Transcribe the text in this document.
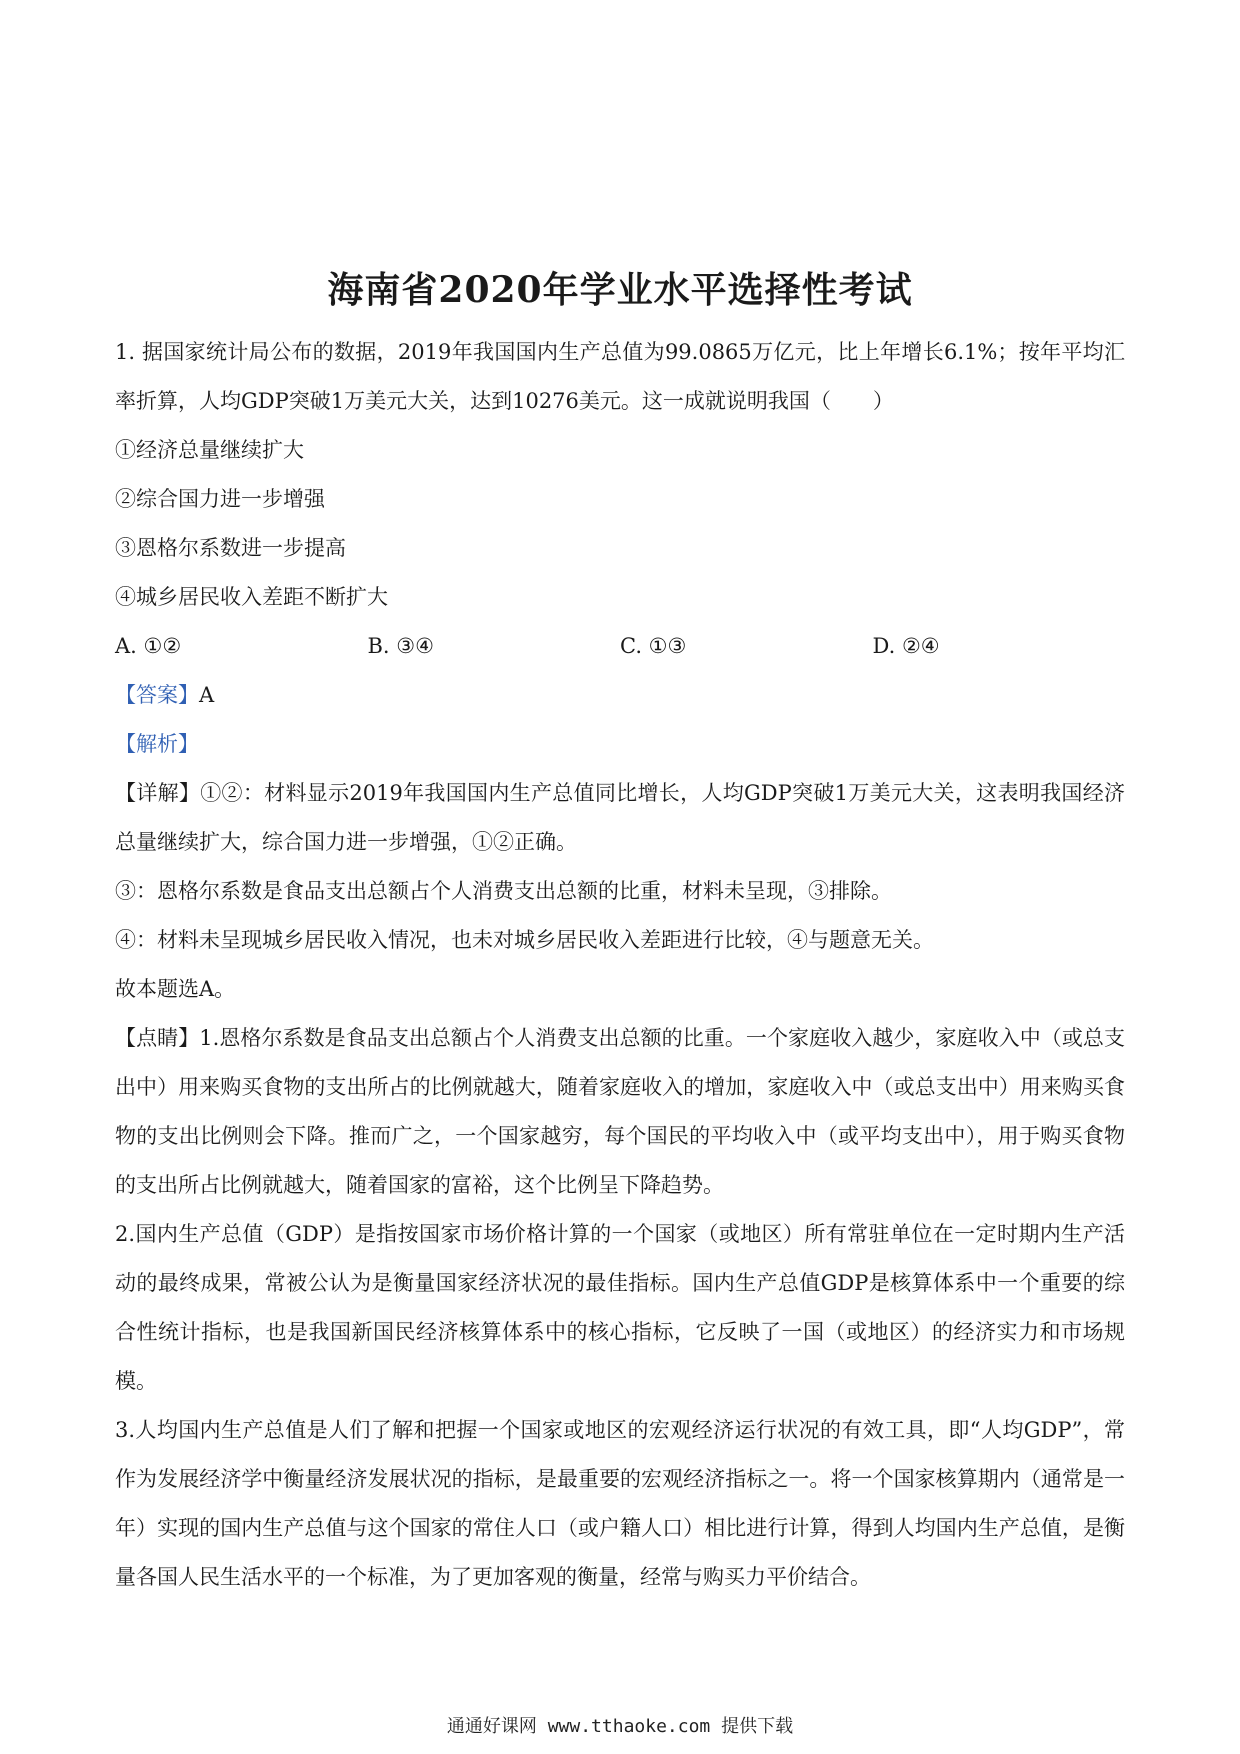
海南省2020年学业水平选择性考试

1. 据国家统计局公布的数据，2019年我国国内生产总值为99.0865万亿元，比上年增长6.1%；按年平均汇率折算，人均GDP突破1万美元大关，达到10276美元。这一成就说明我国（　　）

①经济总量继续扩大

②综合国力进一步增强

③恩格尔系数进一步提高

④城乡居民收入差距不断扩大

A. ①②	B. ③④	C. ①③	D. ②④

【答案】A

【解析】

【详解】①②：材料显示2019年我国国内生产总值同比增长，人均GDP突破1万美元大关，这表明我国经济总量继续扩大，综合国力进一步增强，①②正确。

③：恩格尔系数是食品支出总额占个人消费支出总额的比重，材料未呈现，③排除。

④：材料未呈现城乡居民收入情况，也未对城乡居民收入差距进行比较，④与题意无关。

故本题选A。

【点睛】1.恩格尔系数是食品支出总额占个人消费支出总额的比重。一个家庭收入越少，家庭收入中（或总支出中）用来购买食物的支出所占的比例就越大，随着家庭收入的增加，家庭收入中（或总支出中）用来购买食物的支出比例则会下降。推而广之，一个国家越穷，每个国民的平均收入中（或平均支出中），用于购买食物的支出所占比例就越大，随着国家的富裕，这个比例呈下降趋势。

2.国内生产总值（GDP）是指按国家市场价格计算的一个国家（或地区）所有常驻单位在一定时期内生产活动的最终成果，常被公认为是衡量国家经济状况的最佳指标。国内生产总值GDP是核算体系中一个重要的综合性统计指标，也是我国新国民经济核算体系中的核心指标，它反映了一国（或地区）的经济实力和市场规模。

3.人均国内生产总值是人们了解和把握一个国家或地区的宏观经济运行状况的有效工具，即“人均GDP”，常作为发展经济学中衡量经济发展状况的指标，是最重要的宏观经济指标之一。将一个国家核算期内（通常是一年）实现的国内生产总值与这个国家的常住人口（或户籍人口）相比进行计算，得到人均国内生产总值，是衡量各国人民生活水平的一个标准，为了更加客观的衡量，经常与购买力平价结合。

通通好课网 www.tthaoke.com 提供下载
